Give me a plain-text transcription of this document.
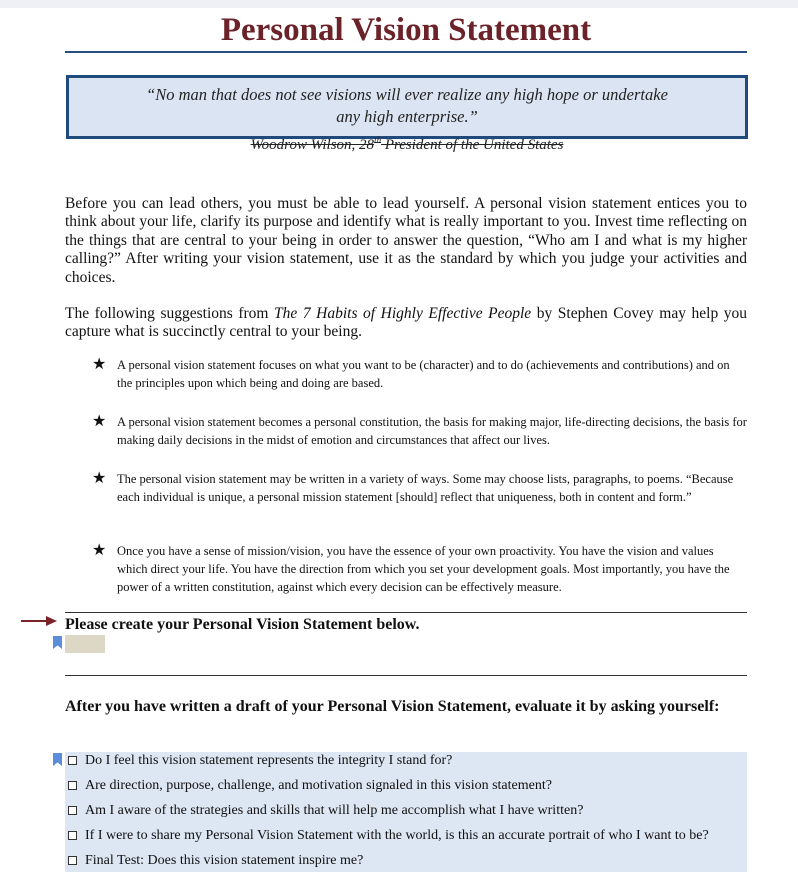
Personal Vision Statement
“No man that does not see visions will ever realize any high hope or undertake any high enterprise.”
Woodrow Wilson, 28th President of the United States

Before you can lead others, you must be able to lead yourself. A personal vision statement entices you to think about your life, clarify its purpose and identify what is really important to you. Invest time reflecting on the things that are central to your being in order to answer the question, “Who am I and what is my higher calling?” After writing your vision statement, use it as the standard by which you judge your activities and choices.

The following suggestions from The 7 Habits of Highly Effective People by Stephen Covey may help you capture what is succinctly central to your being.

★ A personal vision statement focuses on what you want to be (character) and to do (achievements and contributions) and on the principles upon which being and doing are based.
★ A personal vision statement becomes a personal constitution, the basis for making major, life-directing decisions, the basis for making daily decisions in the midst of emotion and circumstances that affect our lives.
★ The personal vision statement may be written in a variety of ways. Some may choose lists, paragraphs, to poems. “Because each individual is unique, a personal mission statement [should] reflect that uniqueness, both in content and form.”
★ Once you have a sense of mission/vision, you have the essence of your own proactivity. You have the vision and values which direct your life. You have the direction from which you set your development goals. Most importantly, you have the power of a written constitution, against which every decision can be effectively measure.
Please create your Personal Vision Statement below.
After you have written a draft of your Personal Vision Statement, evaluate it by asking yourself:
Do I feel this vision statement represents the integrity I stand for?
Are direction, purpose, challenge, and motivation signaled in this vision statement?
Am I aware of the strategies and skills that will help me accomplish what I have written?
If I were to share my Personal Vision Statement with the world, is this an accurate portrait of who I want to be?
Final Test: Does this vision statement inspire me?
